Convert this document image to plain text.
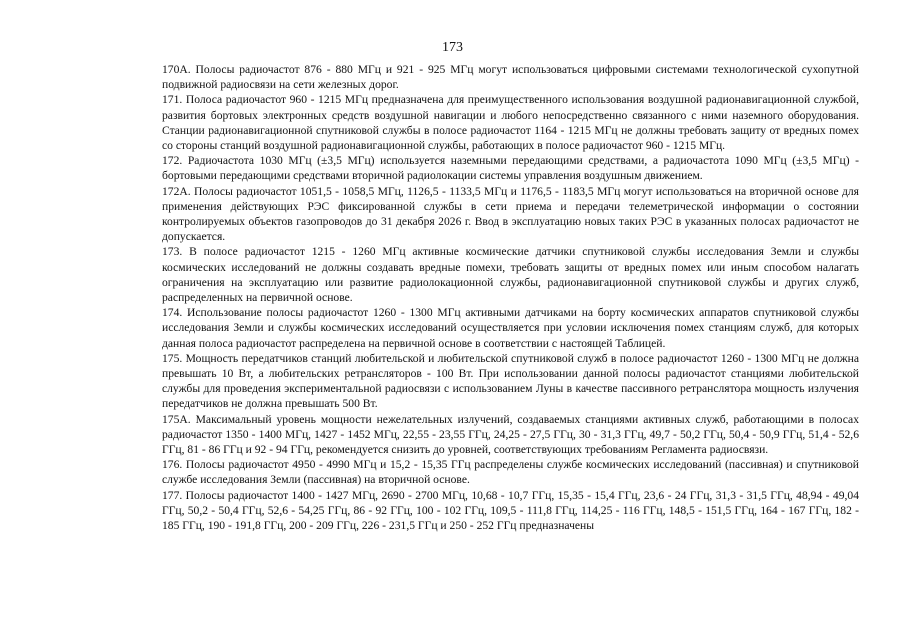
173

170А. Полосы радиочастот 876 - 880 МГц и 921 - 925 МГц могут использоваться цифровыми системами технологической сухопутной подвижной радиосвязи на сети железных дорог.

171. Полоса радиочастот 960 - 1215 МГц предназначена для преимущественного использования воздушной радионавигационной службой, развития бортовых электронных средств воздушной навигации и любого непосредственно связанного с ними наземного оборудования. Станции радионавигационной спутниковой службы в полосе радиочастот 1164 - 1215 МГц не должны требовать защиту от вредных помех со стороны станций воздушной радионавигационной службы, работающих в полосе радиочастот 960 - 1215 МГц.

172. Радиочастота 1030 МГц (±3,5 МГц) используется наземными передающими средствами, а радиочастота 1090 МГц (±3,5 МГц) - бортовыми передающими средствами вторичной радиолокации системы управления воздушным движением.

172А. Полосы радиочастот 1051,5 - 1058,5 МГц, 1126,5 - 1133,5 МГц и 1176,5 - 1183,5 МГц могут использоваться на вторичной основе для применения действующих РЭС фиксированной службы в сети приема и передачи телеметрической информации о состоянии контролируемых объектов газопроводов до 31 декабря 2026 г. Ввод в эксплуатацию новых таких РЭС в указанных полосах радиочастот не допускается.

173. В полосе радиочастот 1215 - 1260 МГц активные космические датчики спутниковой службы исследования Земли и службы космических исследований не должны создавать вредные помехи, требовать защиты от вредных помех или иным способом налагать ограничения на эксплуатацию или развитие радиолокационной службы, радионавигационной спутниковой службы и других служб, распределенных на первичной основе.

174. Использование полосы радиочастот 1260 - 1300 МГц активными датчиками на борту космических аппаратов спутниковой службы исследования Земли и службы космических исследований осуществляется при условии исключения помех станциям служб, для которых данная полоса радиочастот распределена на первичной основе в соответствии с настоящей Таблицей.

175. Мощность передатчиков станций любительской и любительской спутниковой служб в полосе радиочастот 1260 - 1300 МГц не должна превышать 10 Вт, а любительских ретрансляторов - 100 Вт. При использовании данной полосы радиочастот станциями любительской службы для проведения экспериментальной радиосвязи с использованием Луны в качестве пассивного ретранслятора мощность излучения передатчиков не должна превышать 500 Вт.

175А. Максимальный уровень мощности нежелательных излучений, создаваемых станциями активных служб, работающими в полосах радиочастот 1350 - 1400 МГц, 1427 - 1452 МГц, 22,55 - 23,55 ГГц, 24,25 - 27,5 ГГц, 30 - 31,3 ГГц, 49,7 - 50,2 ГГц, 50,4 - 50,9 ГГц, 51,4 - 52,6 ГГц, 81 - 86 ГГц и 92 - 94 ГГц, рекомендуется снизить до уровней, соответствующих требованиям Регламента радиосвязи.

176. Полосы радиочастот 4950 - 4990 МГц и 15,2 - 15,35 ГГц распределены службе космических исследований (пассивная) и спутниковой службе исследования Земли (пассивная) на вторичной основе.

177. Полосы радиочастот 1400 - 1427 МГц, 2690 - 2700 МГц, 10,68 - 10,7 ГГц, 15,35 - 15,4 ГГц, 23,6 - 24 ГГц, 31,3 - 31,5 ГГц, 48,94 - 49,04 ГГц, 50,2 - 50,4 ГГц, 52,6 - 54,25 ГГц, 86 - 92 ГГц, 100 - 102 ГГц, 109,5 - 111,8 ГГц, 114,25 - 116 ГГц, 148,5 - 151,5 ГГц, 164 - 167 ГГц, 182 - 185 ГГц, 190 - 191,8 ГГц, 200 - 209 ГГц, 226 - 231,5 ГГц и 250 - 252 ГГц предназначены
